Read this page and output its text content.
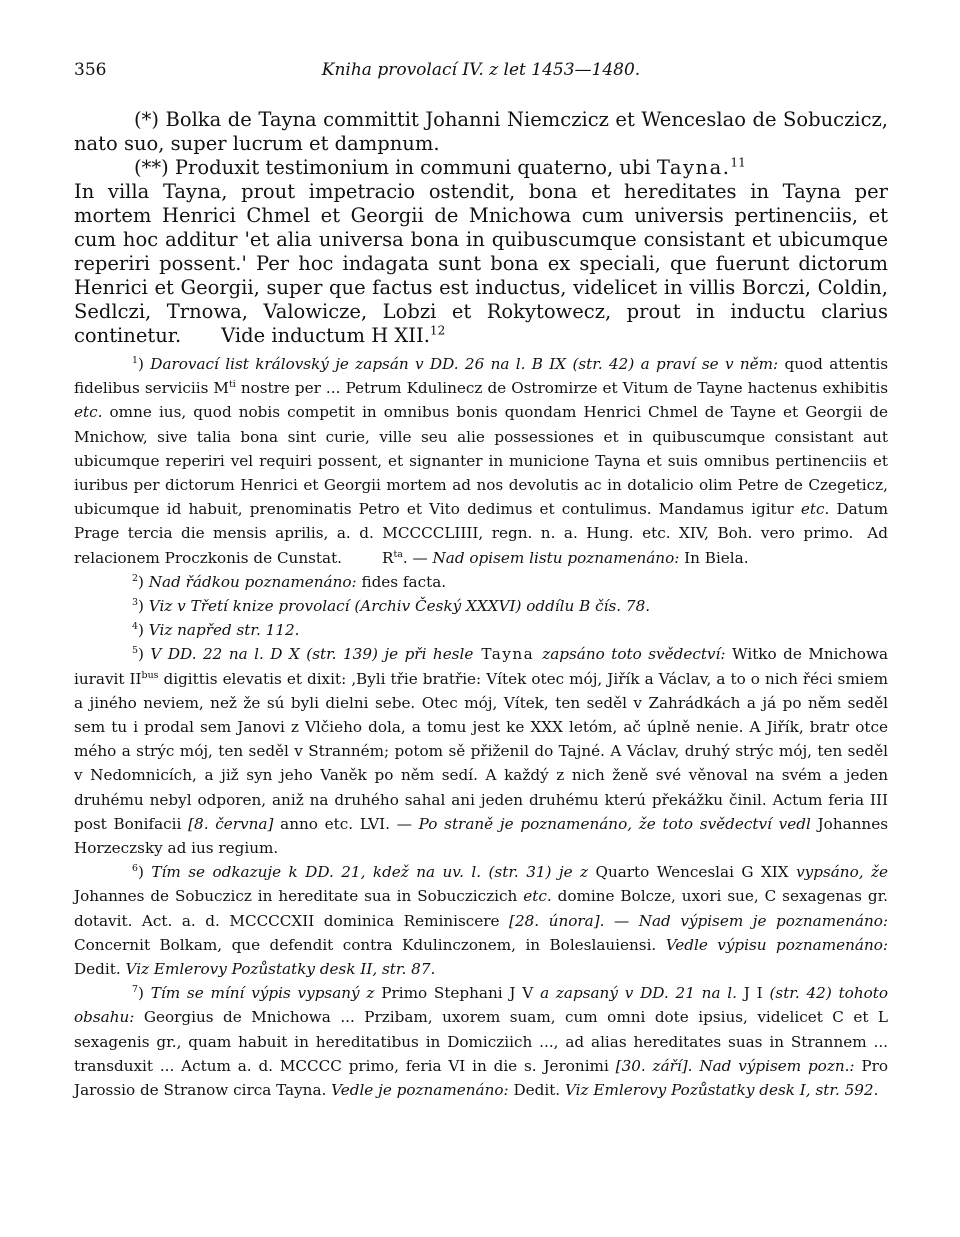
356	Kniha provolací IV. z let 1453—1480.

(*) Bolka de Tayna committit Johanni Niemczicz et Wenceslao de Sobuczicz, nato suo, super lucrum et dampnum.

(**) Produxit testimonium in communi quaterno, ubi Tayna.$^{11}$

In villa Tayna, prout impetracio ostendit, bona et hereditates in Tayna per mortem Henrici Chmel et Georgii de Mnichowa cum universis pertinenciis, et cum hoc additur 'et alia universa bona in quibuscumque consistant et ubicumque reperiri possent.' Per hoc indagata sunt bona ex speciali, que fuerunt dictorum Henrici et Georgii, super que factus est inductus, videlicet in villis Borczi, Coldin, Sedlczi, Trnowa, Valowicze, Lobzi et Rokytowecz, prout in inductu clarius continetur. Vide inductum H XII.$^{12}$

$^1$) Darovací list královský je zapsán v DD. 26 na l. B IX (str. 42) a praví se v něm: quod attentis fidelibus serviciis $M^{ti}$ nostre per ... Petrum Kdulinecz de Ostromirze et Vitum de Tayne hactenus exhibitis etc. omne ius, quod nobis competit in omnibus bonis quondam Henrici Chmel de Tayne et Georgii de Mnichow, sive talia bona sint curie, ville seu alie possessiones et in quibuscumque consistant aut ubicumque reperiri vel requiri possent, et signanter in municione Tayna et suis omnibus pertinenciis et iuribus per dictorum Henrici et Georgii mortem ad nos devolutis ac in dotalicio olim Petre de Czegeticz, ubicumque id habuit, prenominatis Petro et Vito dedimus et contulimus. Mandamus igitur etc. Datum Prage tercia die mensis aprilis, a. d. MCCCCLIIII, regn. n. a. Hung. etc. XIV, Boh. vero primo. Ad relacionem Proczkonis de Cunstat.	$R^{ta}$. — Nad opisem listu poznamenáno: In Biela.

$^2$) Nad řádkou poznamenáno: fides facta.

$^3$) Viz v Třetí knize provolací (Archiv Český XXXVI) oddílu B čís. 78.

$^4$) Viz napřed str. 112.

$^5$) V DD. 22 na l. D X (str. 139) je při hesle Tayna zapsáno toto svědectví: Witko de Mnichowa iuravit $II^{bus}$ digittis elevatis et dixit: ‚Byli třie bratřie: Vítek otec mój, Jiřík a Václav, a to o nich řéci smiem a jiného neviem, než že sú byli dielni sebe. Otec mój, Vítek, ten seděl v Zahrádkách a já po něm seděl sem tu i prodal sem Janovi z Vlčieho dola, a tomu jest ke XXX letóm, ač úplně nenie. A Jiřík, bratr otce mého a strýc mój, ten seděl v Stranném; potom sě přiženil do Tajné. A Václav, druhý strýc mój, ten seděl v Nedomnicích, a již syn jeho Vaněk po něm sedí. A každý z nich ženě své věnoval na svém a jeden druhému nebyl odporen, aniž na druhého sahal ani jeden druhému kterú překážku činil. Actum feria III post Bonifacii [8. června] anno etc. LVI. — Po straně je poznamenáno, že toto svědectví vedl Johannes Horzeczsky ad ius regium.

$^6$) Tím se odkazuje k DD. 21, kdež na uv. l. (str. 31) je z Quarto Wenceslai G XIX vypsáno, že Johannes de Sobuczicz in hereditate sua in Sobucziczich etc. domine Bolcze, uxori sue, C sexagenas gr. dotavit. Act. a. d. MCCCCXII dominica Reminiscere [28. února]. — Nad výpisem je poznamenáno: Concernit Bolkam, que defendit contra Kdulinczonem, in Boleslauiensi. Vedle výpisu poznamenáno: Dedit. Viz Emlerovy Pozůstatky desk II, str. 87.

$^7$) Tím se míní výpis vypsaný z Primo Stephani J V a zapsaný v DD. 21 na l. J I (str. 42) tohoto obsahu: Georgius de Mnichowa ... Przibam, uxorem suam, cum omni dote ipsius, videlicet C et L sexagenis gr., quam habuit in hereditatibus in Domicziich ..., ad alias hereditates suas in Strannem ... transduxit ... Actum a. d. MCCCC primo, feria VI in die s. Jeronimi [30. září]. Nad výpisem pozn.: Pro Jarossio de Stranow circa Tayna. Vedle je poznamenáno: Dedit. Viz Emlerovy Pozůstatky desk I, str. 592.
